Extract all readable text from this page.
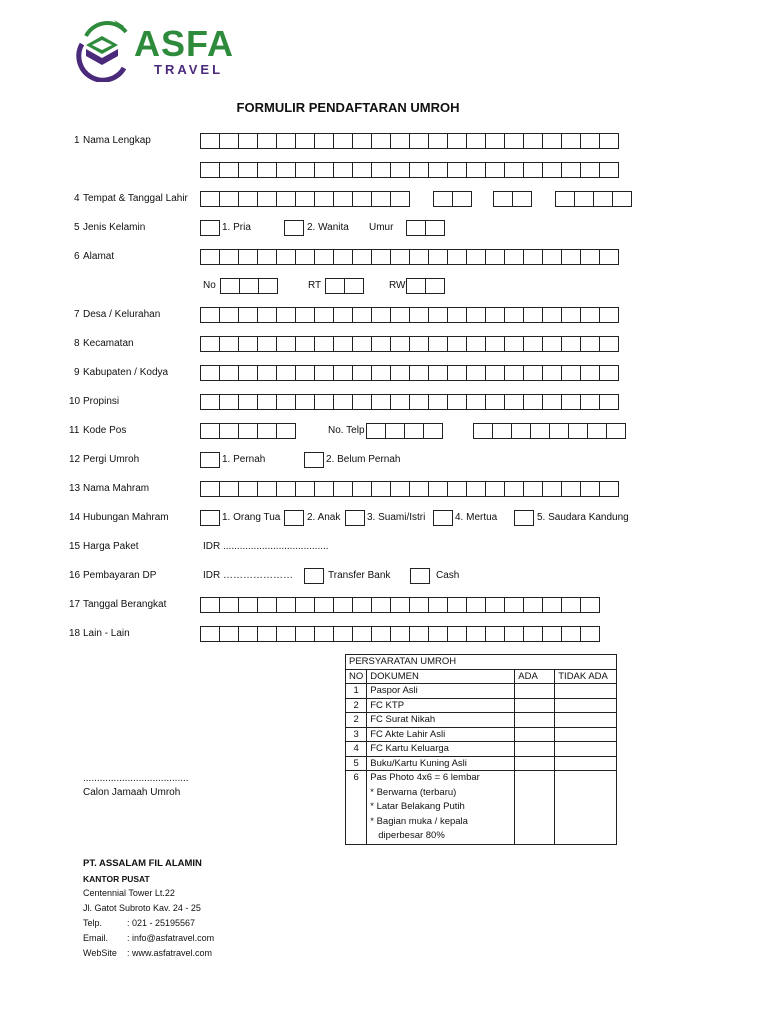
ASFA
TRAVEL
FORMULIR PENDAFTARAN UMROH
1 Nama Lengkap
4 Tempat & Tanggal Lahir
5 Jenis Kelamin	1. Pria	2. Wanita Umur
6 Alamat
No	RT	RW
7 Desa / Kelurahan
8 Kecamatan
9 Kabupaten / Kodya
10 Propinsi
11 Kode Pos	No. Telp
12 Pergi Umroh	1. Pernah	2. Belum Pernah
13 Nama Mahram
14 Hubungan Mahram	1. Orang Tua	2. Anak	3. Suami/Istri	4. Mertua	5. Saudara Kandung
15 Harga Paket	IDR ......................................
16 Pembayaran DP	IDR …………………	Transfer Bank	Cash
17 Tanggal Berangkat
18 Lain - Lain
PERSYARATAN UMROH			
NO	DOKUMEN	ADA	TIDAK ADA
1	Paspor Asli		
2	FC KTP		
2	FC Surat Nikah		
3	FC Akte Lahir Asli		
4	FC Kartu Keluarga		
5	Buku/Kartu Kuning Asli		
6	Pas Photo 4x6 = 6 lembar
* Berwarna (terbaru)
* Latar Belakang Putih
* Bagian muka / kepala
diperbesar 80%		

......................................
Calon Jamaah Umroh
PT. ASSALAM FIL ALAMIN
KANTOR PUSAT
Centennial Tower Lt.22
Jl. Gatot Subroto Kav. 24 - 25
Telp.	: 021 - 25195567
Email. : info@asfatravel.com
WebSite : www.asfatravel.com
